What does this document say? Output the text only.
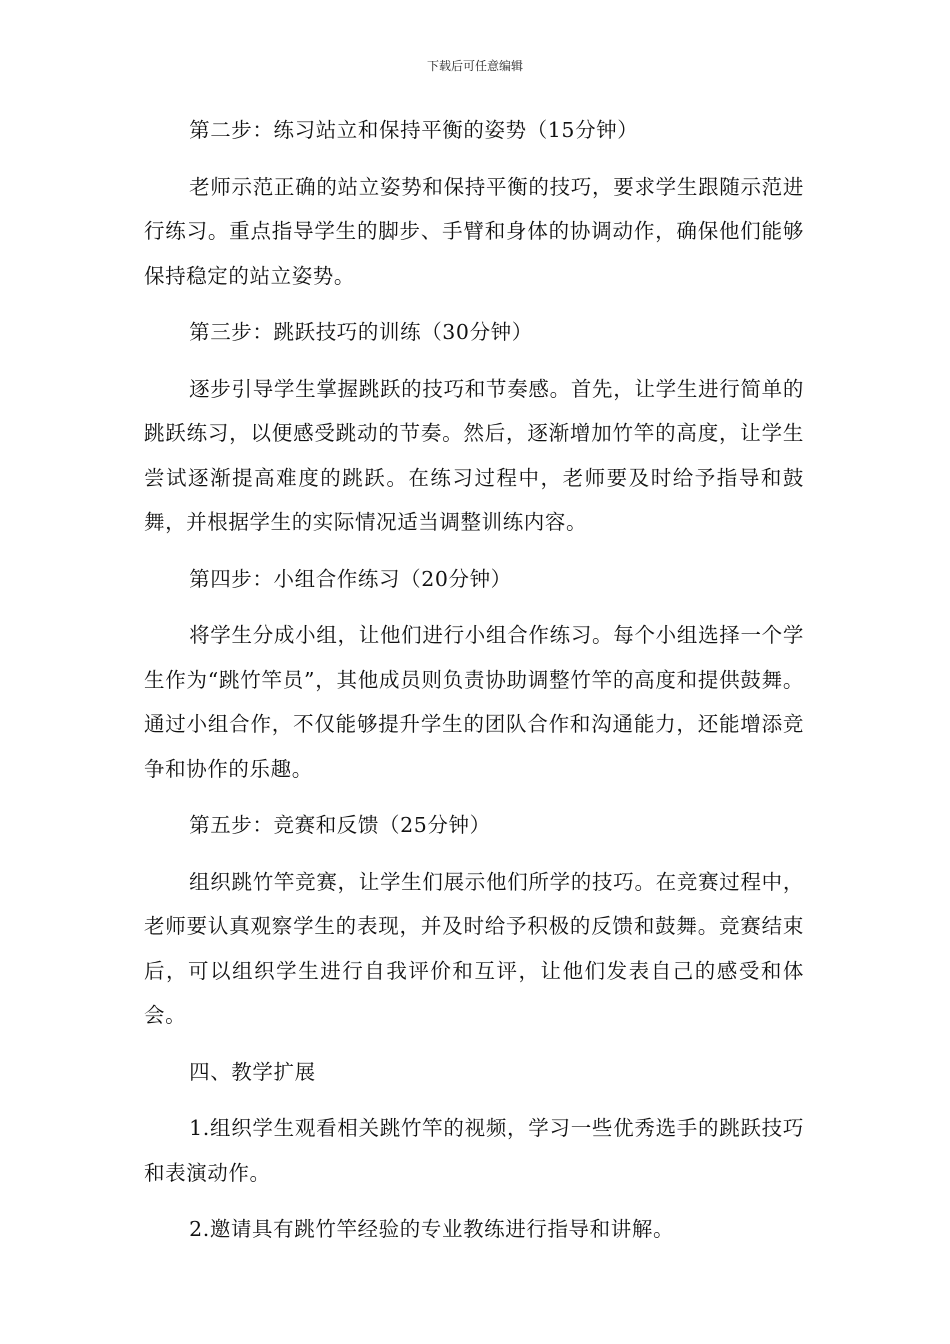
下载后可任意编辑

第二步：练习站立和保持平衡的姿势（15分钟）

老师示范正确的站立姿势和保持平衡的技巧，要求学生跟随示范进行练习。重点指导学生的脚步、手臂和身体的协调动作，确保他们能够保持稳定的站立姿势。

第三步：跳跃技巧的训练（30分钟）

逐步引导学生掌握跳跃的技巧和节奏感。首先，让学生进行简单的跳跃练习，以便感受跳动的节奏。然后，逐渐增加竹竿的高度，让学生尝试逐渐提高难度的跳跃。在练习过程中，老师要及时给予指导和鼓舞，并根据学生的实际情况适当调整训练内容。

第四步：小组合作练习（20分钟）

将学生分成小组，让他们进行小组合作练习。每个小组选择一个学生作为“跳竹竿员”，其他成员则负责协助调整竹竿的高度和提供鼓舞。通过小组合作，不仅能够提升学生的团队合作和沟通能力，还能增添竞争和协作的乐趣。

第五步：竞赛和反馈（25分钟）

组织跳竹竿竞赛，让学生们展示他们所学的技巧。在竞赛过程中，老师要认真观察学生的表现，并及时给予积极的反馈和鼓舞。竞赛结束后，可以组织学生进行自我评价和互评，让他们发表自己的感受和体会。

四、教学扩展

1.组织学生观看相关跳竹竿的视频，学习一些优秀选手的跳跃技巧和表演动作。

2.邀请具有跳竹竿经验的专业教练进行指导和讲解。
